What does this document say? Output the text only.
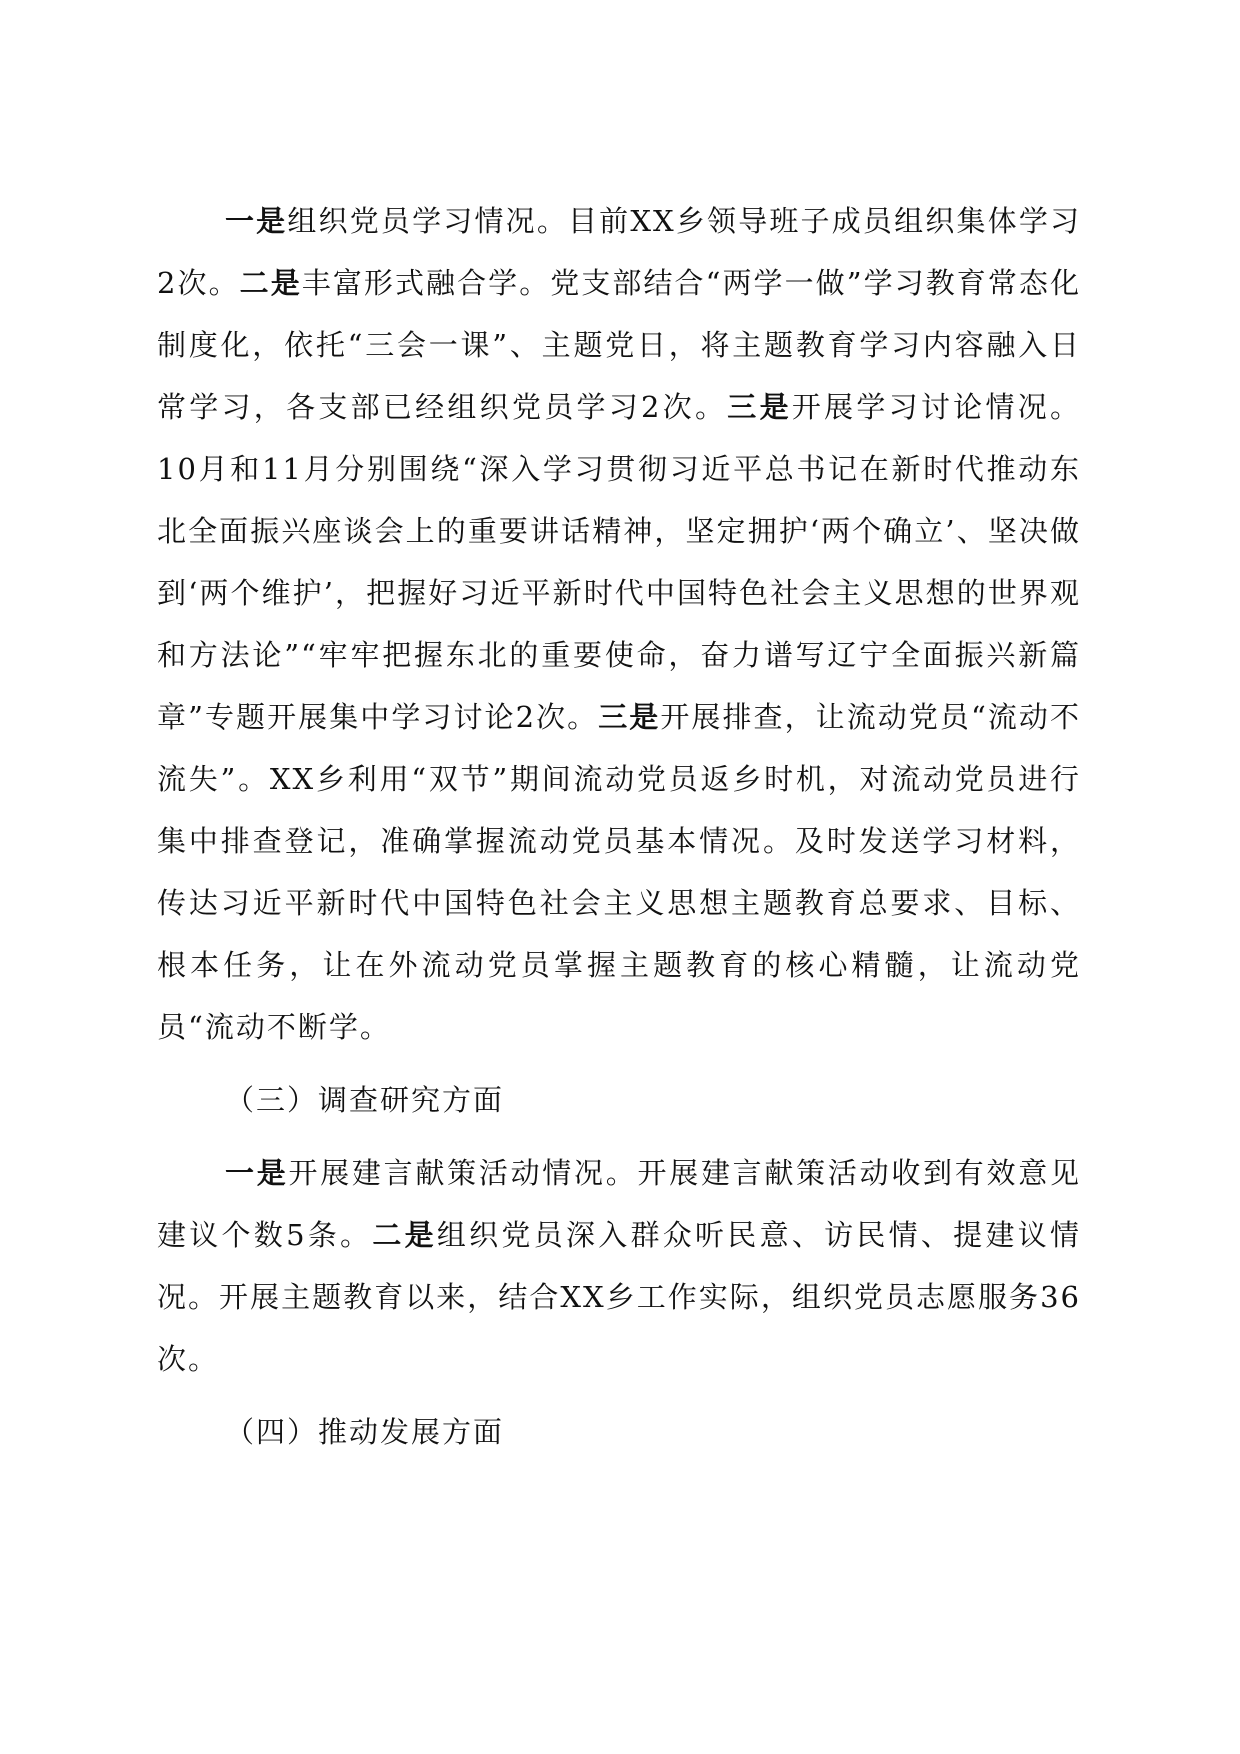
一是组织党员学习情况。目前XX乡领导班子成员组织集体学习2次。二是丰富形式融合学。党支部结合“两学一做”学习教育常态化制度化，依托“三会一课”、主题党日，将主题教育学习内容融入日常学习，各支部已经组织党员学习2次。三是开展学习讨论情况。10月和11月分别围绕“深入学习贯彻习近平总书记在新时代推动东北全面振兴座谈会上的重要讲话精神，坚定拥护‘两个确立’、坚决做到‘两个维护’，把握好习近平新时代中国特色社会主义思想的世界观和方法论”“牢牢把握东北的重要使命，奋力谱写辽宁全面振兴新篇章”专题开展集中学习讨论2次。三是开展排查，让流动党员“流动不流失”。XX乡利用“双节”期间流动党员返乡时机，对流动党员进行集中排查登记，准确掌握流动党员基本情况。及时发送学习材料，传达习近平新时代中国特色社会主义思想主题教育总要求、目标、根本任务，让在外流动党员掌握主题教育的核心精髓，让流动党员“流动不断学。

（三）调查研究方面

一是开展建言献策活动情况。开展建言献策活动收到有效意见建议个数5条。二是组织党员深入群众听民意、访民情、提建议情况。开展主题教育以来，结合XX乡工作实际，组织党员志愿服务36次。

（四）推动发展方面
